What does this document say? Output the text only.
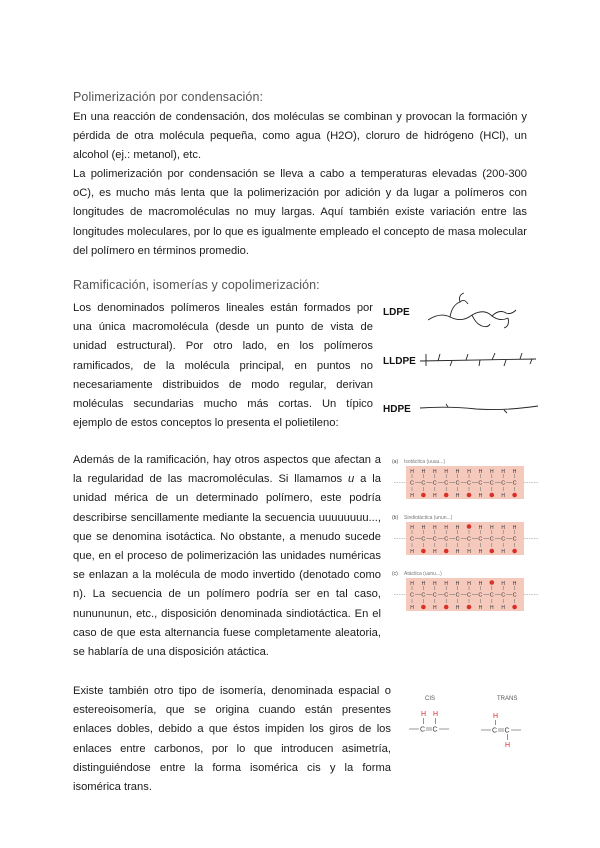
Polimerización por condensación:

En una reacción de condensación, dos moléculas se combinan y provocan la formación y pérdida de otra molécula pequeña, como agua (H2O), cloruro de hidrógeno (HCl), un alcohol (ej.: metanol), etc.

La polimerización por condensación se lleva a cabo a temperaturas elevadas (200-300 oC), es mucho más lenta que la polimerización por adición y da lugar a polímeros con longitudes de macromoléculas no muy largas. Aquí también existe variación entre las longitudes moleculares, por lo que es igualmente empleado el concepto de masa molecular del polímero en términos promedio.

Ramificación, isomerías y copolimerización:

Los denominados polímeros lineales están formados por una única macromolécula (desde un punto de vista de unidad estructural). Por otro lado, en los polímeros ramificados, de la molécula principal, en puntos no necesariamente distribuidos de modo regular, derivan moléculas secundarias mucho más cortas. Un típico ejemplo de estos conceptos lo presenta el polietileno:

Además de la ramificación, hay otros aspectos que afectan a la regularidad de las macromoléculas. Si llamamos u a la unidad mérica de un determinado polímero, este podría describirse sencillamente mediante la secuencia uuuuuuuu..., que se denomina isotáctica. No obstante, a menudo sucede que, en el proceso de polimerización las unidades numéricas se enlazan a la molécula de modo invertido (denotado como n). La secuencia de un polímero podría ser en tal caso, nunununun, etc., disposición denominada sindiotáctica. En el caso de que esta alternancia fuese completamente aleatoria, se hablaría de una disposición atáctica.

Existe también otro tipo de isomería, denominada espacial o estereoisomería, que se origina cuando están presentes enlaces dobles, debido a que éstos impiden los giros de los enlaces entre carbonos, por lo que introducen asimetría, distinguiéndose entre la forma isomérica cis y la forma isomérica trans.

LDPE
LLDPE
HDPE
(a) Isotáctica (uuuu...)
C
H
H
C
H
C
H
H
C
H
C
H
H
C
H
C
H
H
C
H
C
H
H
C
H
(b) Sindiotáctica (unun...)
C
H
H
C
H
C
H
H
C
H
C
H
H
C
H
C
H
H
C
H
C
H
H
C
H
(c) Atáctica (uunu...)
C
H
H
C
H
C
H
H
C
H
C
H
H
C
H
C
H
H
C
H
C
H
H
C
H
CIS	TRANS
H H
C C
H
C C
H
